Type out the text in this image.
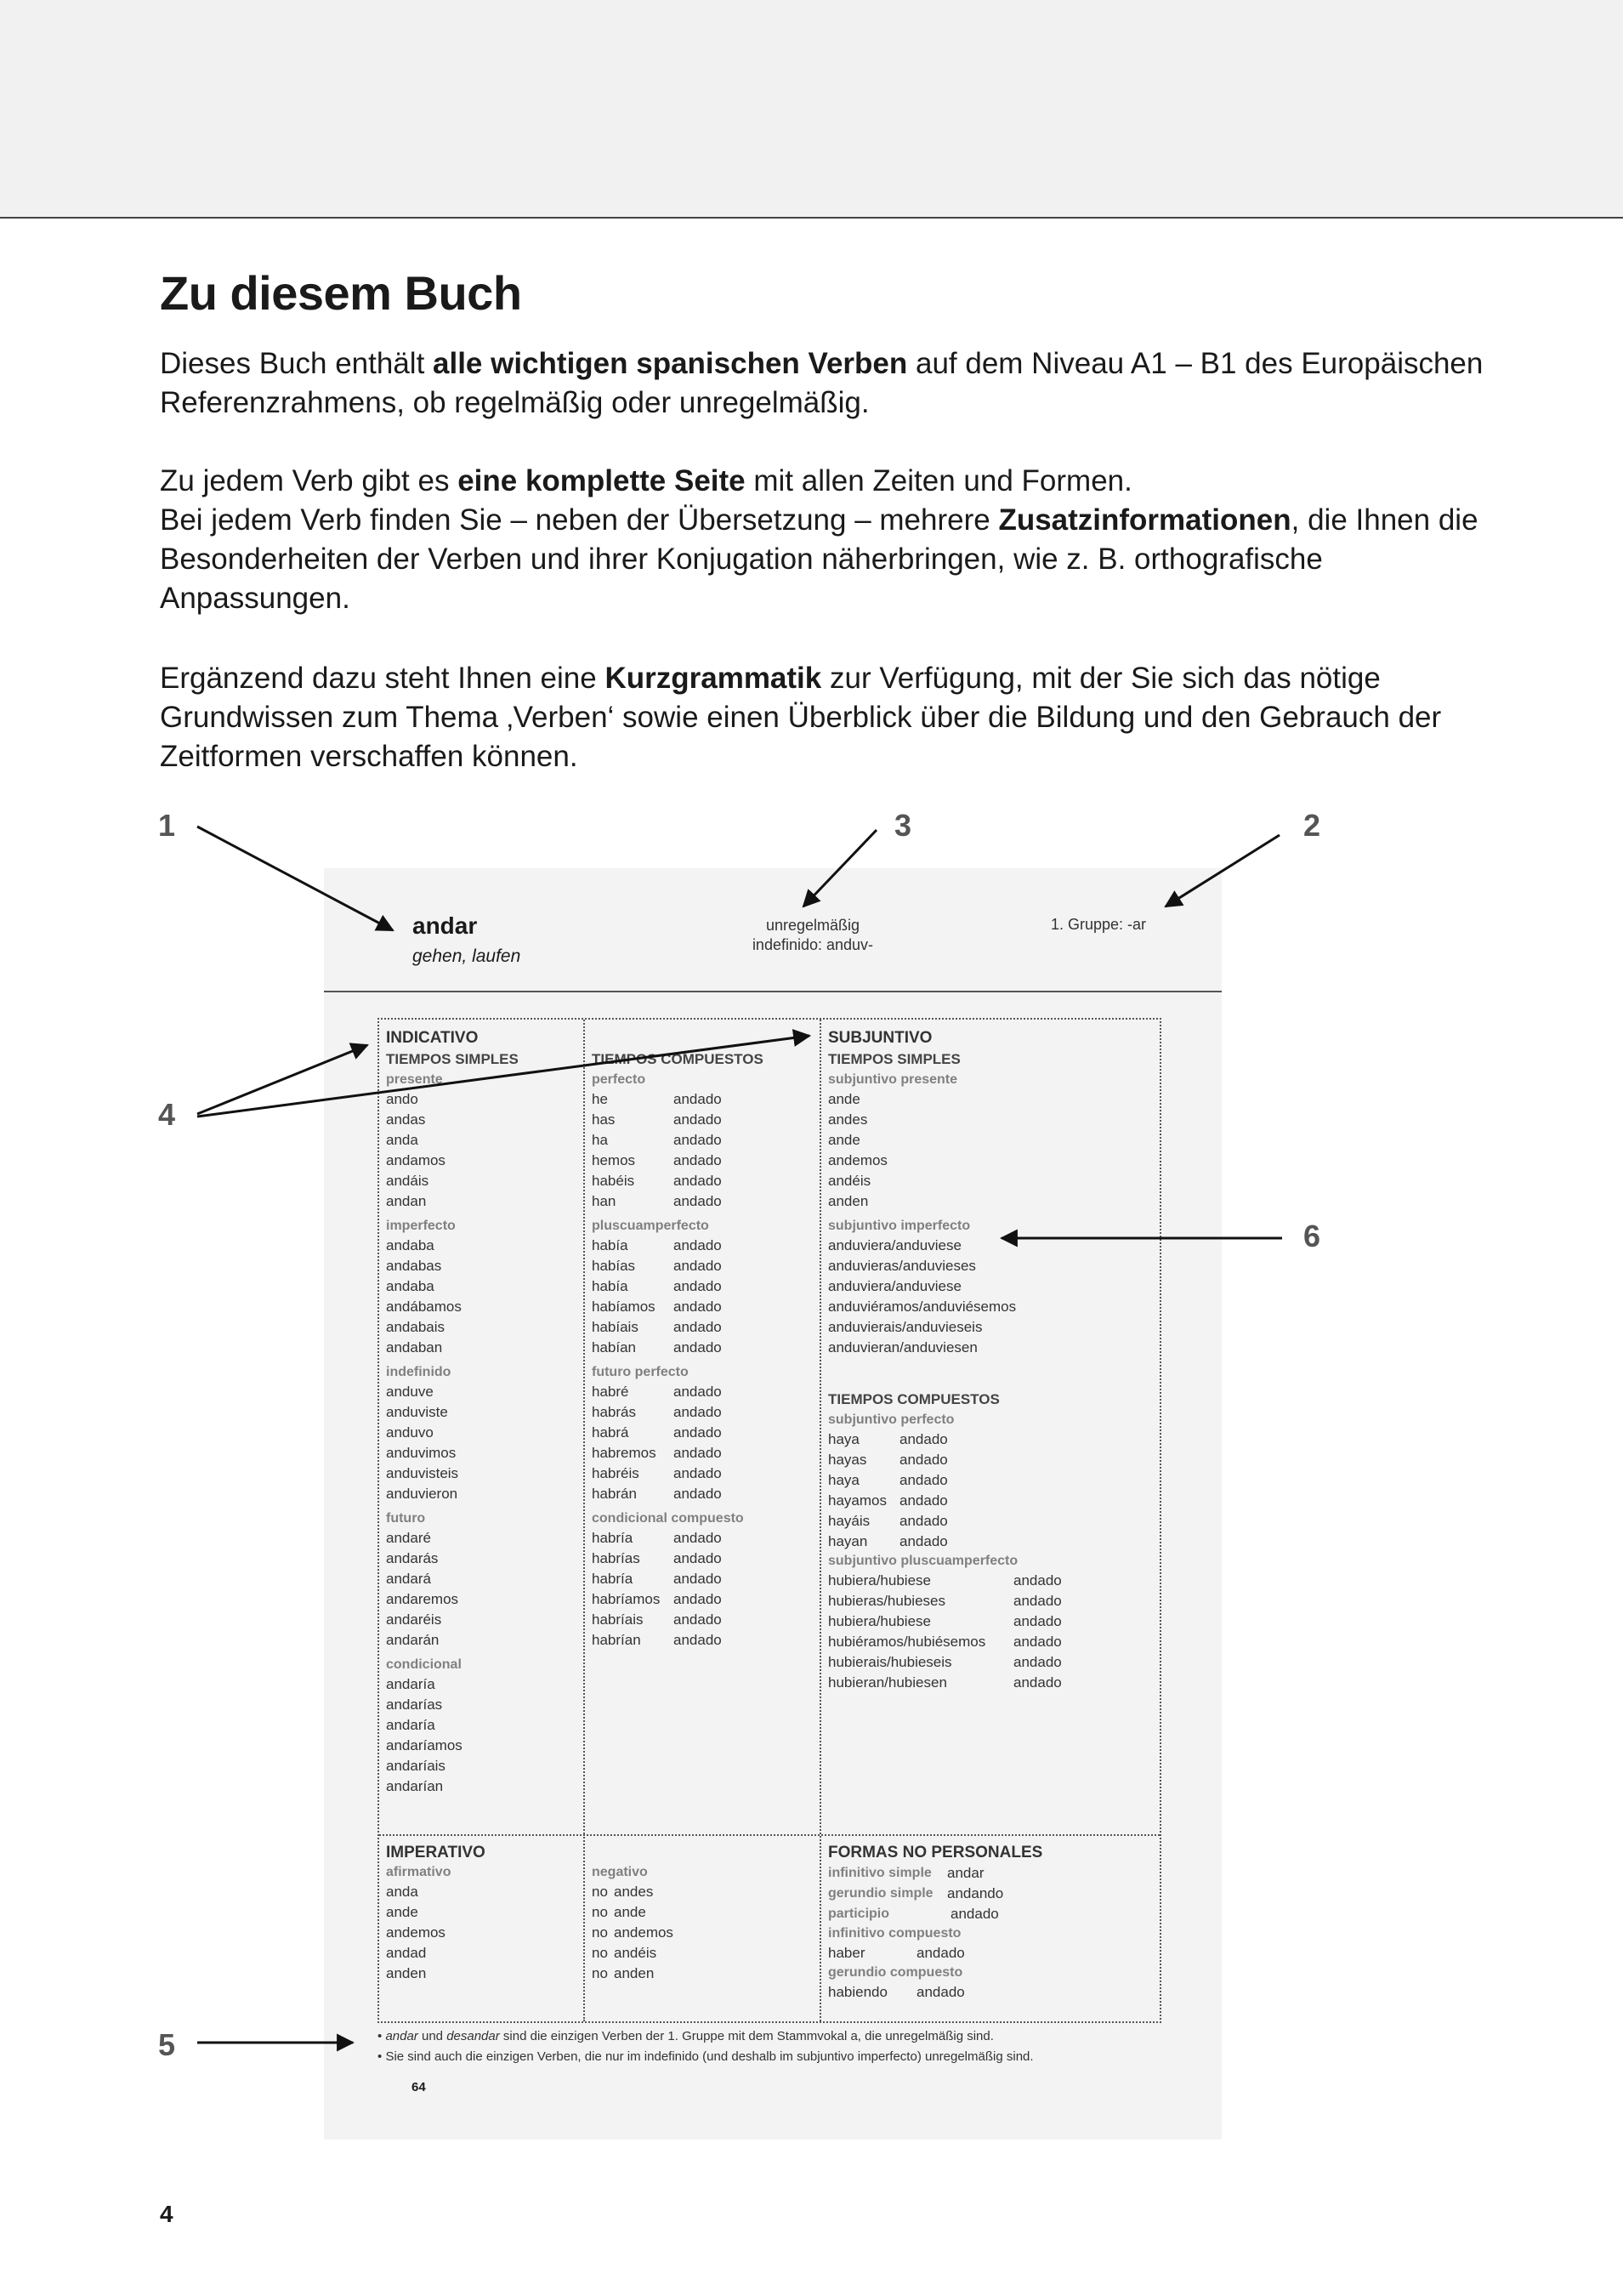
Zu diesem Buch

Dieses Buch enthält alle wichtigen spanischen Verben auf dem Niveau A1 – B1 des Europäischen Referenzrahmens, ob regelmäßig oder unregelmäßig.

Zu jedem Verb gibt es eine komplette Seite mit allen Zeiten und Formen.
Bei jedem Verb finden Sie – neben der Übersetzung – mehrere Zusatzinformationen, die Ihnen die Besonderheiten der Verben und ihrer Konjugation näherbringen, wie z. B. orthografische Anpassungen.

Ergänzend dazu steht Ihnen eine Kurzgrammatik zur Verfügung, mit der Sie sich das nötige Grundwissen zum Thema ‚Verben‘ sowie einen Überblick über die Bildung und den Gebrauch der Zeitformen verschaffen können.

1	2
3
4
5
6
andar
gehen, laufen
unregelmäßig
indefinido: anduv-
1. Gruppe: -ar
INDICATIVO
TIEMPOS SIMPLES
presente
ando
andas
anda
andamos
andáis
andan
imperfecto
andaba
andabas
andaba
andábamos
andabais
andaban
indefinido
anduve
anduviste
anduvo
anduvimos
anduvisteis
anduvieron
futuro
andaré
andarás
andará
andaremos
andaréis
andarán
condicional
andaría
andarías
andaría
andaríamos
andaríais
andarían

TIEMPOS COMPUESTOS
perfecto
he	andado
has	andado
ha	andado
hemos	andado
habéis	andado
han	andado
pluscuamperfecto
había	andado
habías	andado
había	andado
habíamos	andado
habíais	andado
habían	andado
futuro perfecto
habré	andado
habrás	andado
habrá	andado
habremos	andado
habréis	andado
habrán	andado
condicional compuesto
habría	andado
habrías	andado
habría	andado
habríamos andado
habríais	andado
habrían	andado
SUBJUNTIVO
TIEMPOS SIMPLES
subjuntivo presente
ande
andes
ande
andemos
andéis
anden
subjuntivo imperfecto
anduviera/anduviese
anduvieras/anduvieses
anduviera/anduviese
anduviéramos/anduviésemos
anduvierais/anduvieseis
anduvieran/anduviesen
TIEMPOS COMPUESTOS
subjuntivo perfecto
haya	andado
hayas	andado
haya	andado
hayamos andado
hayáis	andado
hayan	andado
subjuntivo pluscuamperfecto
hubiera/hubiese	andado
hubieras/hubieses	andado
hubiera/hubiese	andado
hubiéramos/hubiésemos	andado
hubierais/hubieseis	andado
hubieran/hubiesen	andado
IMPERATIVO
afirmativo
anda
ande
andemos
andad
anden

negativo
no andes
no ande
no andemos
no andéis
no anden
FORMAS NO PERSONALES
infinitivo simple	andar
gerundio simple andando
participio	andado
infinitivo compuesto
haber	andado
gerundio compuesto
habiendo	andado
• andar und desandar sind die einzigen Verben der 1. Gruppe mit dem Stammvokal a, die unregelmäßig sind.
• Sie sind auch die einzigen Verben, die nur im indefinido (und deshalb im subjuntivo imperfecto) unregelmäßig sind.
64
4
